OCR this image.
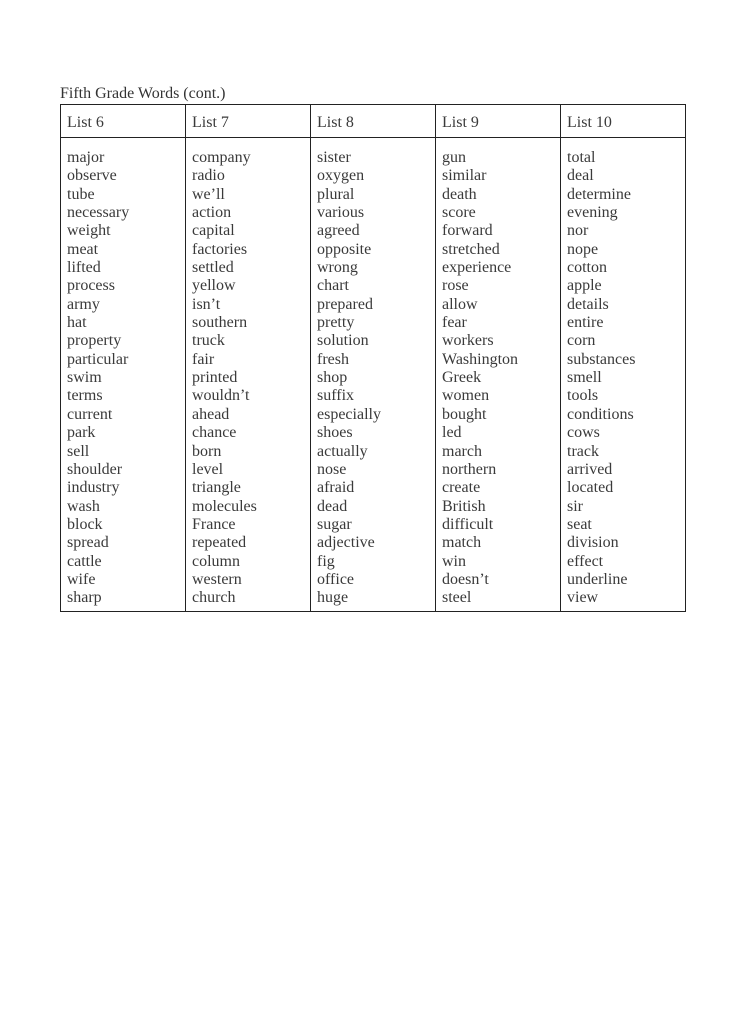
Fifth Grade Words (cont.)
List 6
major
observe
tube
necessary
weight
meat
lifted
process
army
hat
property
particular
swim
terms
current
park
sell
shoulder
industry
wash
block
spread
cattle
wife
sharp
List 7
company
radio
we’ll
action
capital
factories
settled
yellow
isn’t
southern
truck
fair
printed
wouldn’t
ahead
chance
born
level
triangle
molecules
France
repeated
column
western
church
List 8
sister
oxygen
plural
various
agreed
opposite
wrong
chart
prepared
pretty
solution
fresh
shop
suffix
especially
shoes
actually
nose
afraid
dead
sugar
adjective
fig
office
huge
List 9
gun
similar
death
score
forward
stretched
experience
rose
allow
fear
workers
Washington
Greek
women
bought
led
march
northern
create
British
difficult
match
win
doesn’t
steel
List 10
total
deal
determine
evening
nor
nope
cotton
apple
details
entire
corn
substances
smell
tools
conditions
cows
track
arrived
located
sir
seat
division
effect
underline
view
